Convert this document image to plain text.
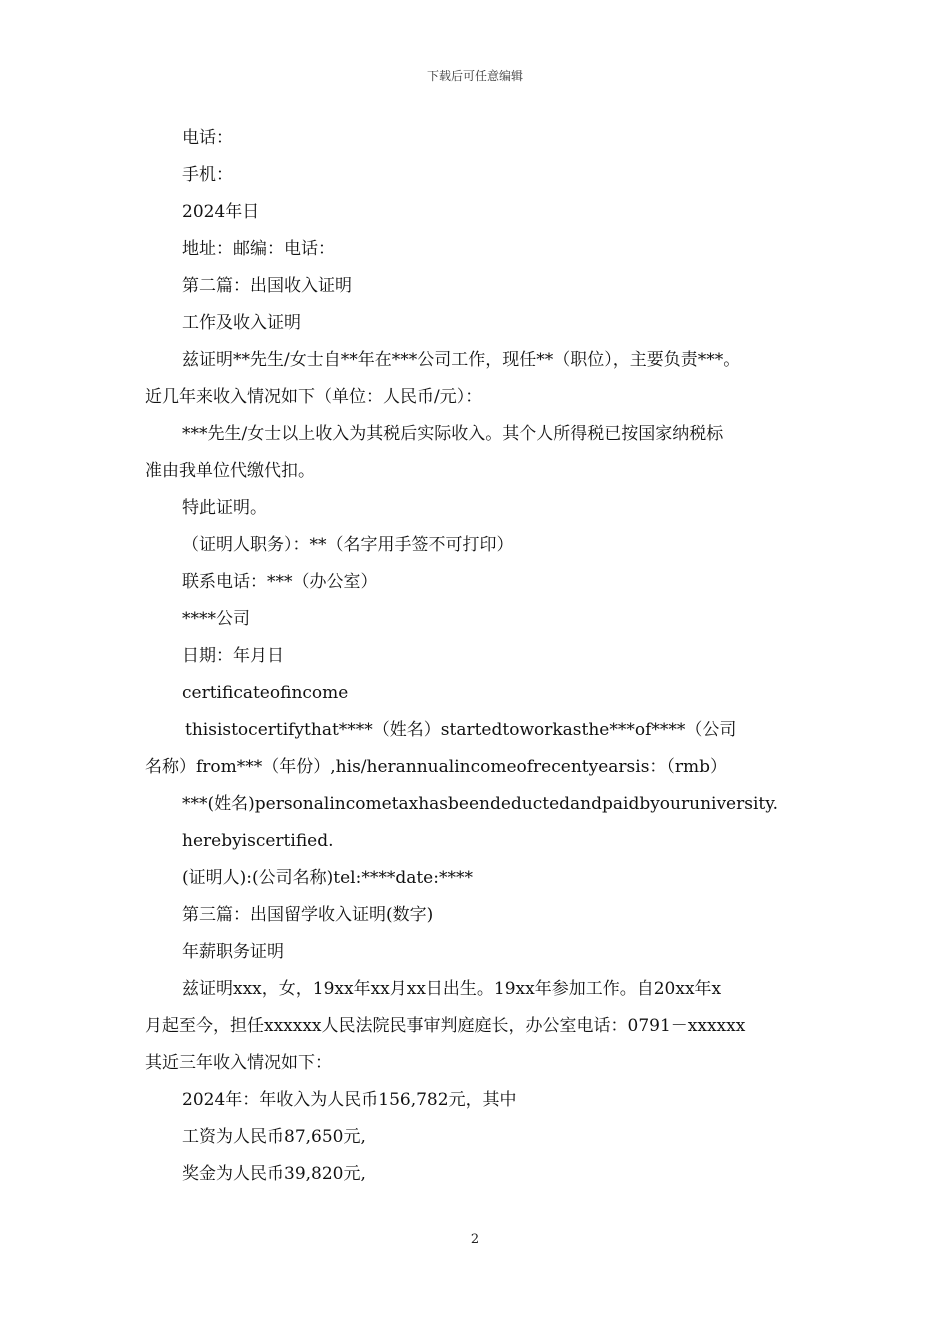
下载后可任意编辑

电话：

手机：

2024年日

地址：邮编：电话：

第二篇：出国收入证明

工作及收入证明

兹证明**先生/女士自**年在***公司工作，现任**（职位），主要负责***。

近几年来收入情况如下（单位：人民币/元）：

***先生/女士以上收入为其税后实际收入。其个人所得税已按国家纳税标

准由我单位代缴代扣。

特此证明。

（证明人职务）：**（名字用手签不可打印）

联系电话：***（办公室）

****公司

日期：年月日

certificateofincome

thisistocertifythat****（姓名）startedtoworkasthe***of****（公司

名称）from***（年份）,his/herannualincomeofrecentyearsis：（rmb）

***(姓名)personalincometaxhasbeendeductedandpaidbyouruniversity.

herebyiscertified.

(证明人):(公司名称)tel:****date:****

第三篇：出国留学收入证明(数字)

年薪职务证明

兹证明xxx，女，19xx年xx月xx日出生。19xx年参加工作。自20xx年x

月起至今，担任xxxxxx人民法院民事审判庭庭长，办公室电话：0791－xxxxxx

其近三年收入情况如下：

2024年：年收入为人民币156,782元，其中

工资为人民币87,650元,

奖金为人民币39,820元,

2
